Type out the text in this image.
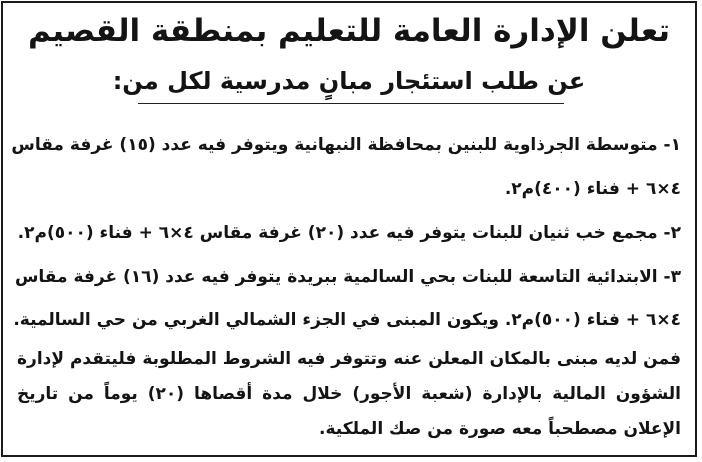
تعلن الإدارة العامة للتعليم بمنطقة القصيم
عن طلب استئجار مبانٍ مدرسية لكل من:
١- متوسطة الجرذاوية للبنين بمحافظة النبهانية ويتوفر فيه عدد (١٥) غرفة مقاس
٤×٦ + فناء (٤٠٠)م٢.
٢- مجمع خب ثنيان للبنات يتوفر فيه عدد (٢٠) غرفة مقاس ٤×٦ + فناء (٥٠٠)م٢.
٣- الابتدائية التاسعة للبنات بحي السالمية ببريدة يتوفر فيه عدد (١٦) غرفة مقاس
٤×٦ + فناء (٥٠٠)م٢. ويكون المبنى في الجزء الشمالي الغربي من حي السالمية.
فمن لديه مبنى بالمكان المعلن عنه وتتوفر فيه الشروط المطلوبة فليتقدم لإدارة
الشؤون المالية بالإدارة (شعبة الأجور) خلال مدة أقصاها (٢٠) يوماً من تاريخ
الإعلان مصطحباً معه صورة من صك الملكية.
